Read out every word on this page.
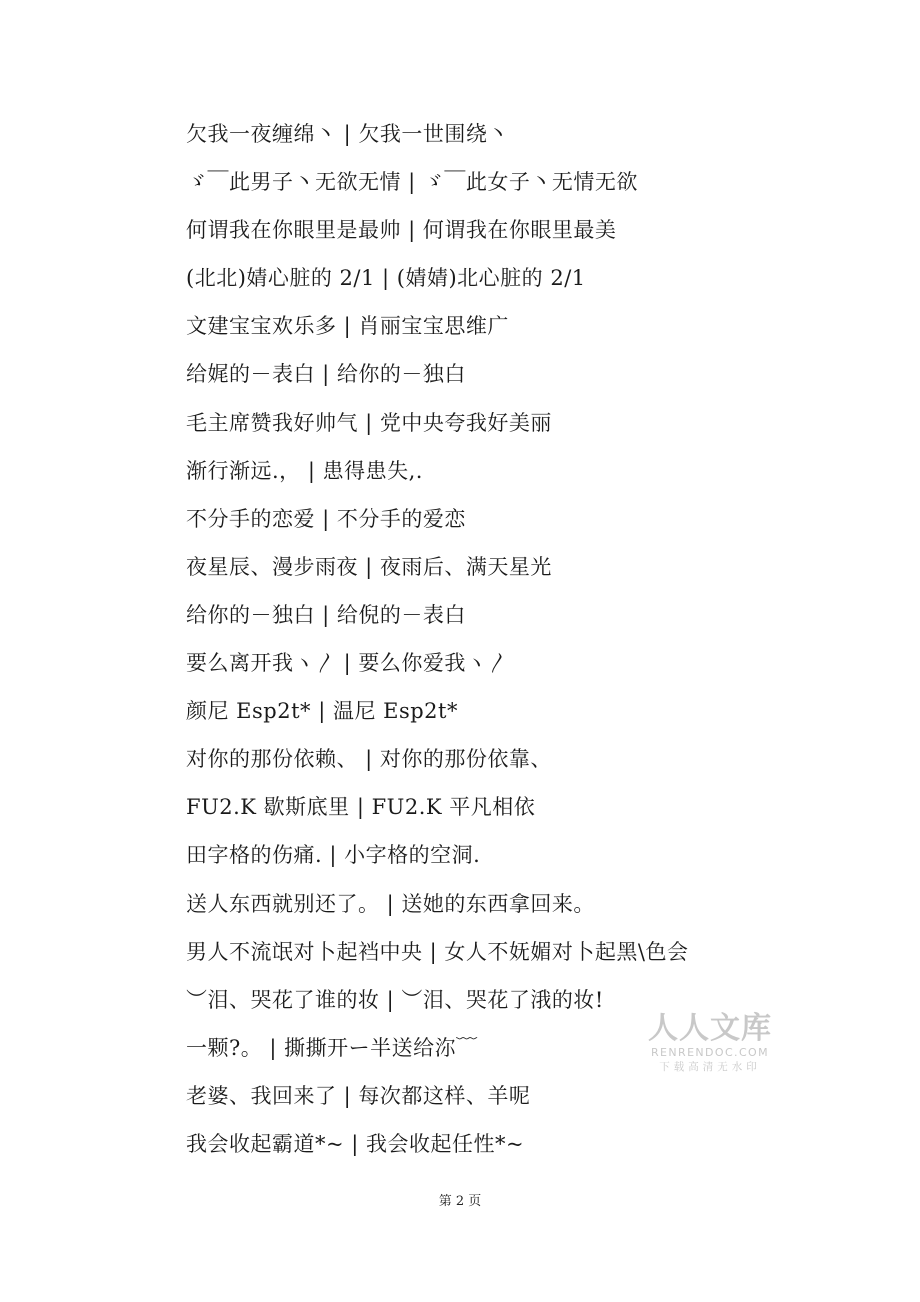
欠我一夜缠绵丶 | 欠我一世围绕丶
ゞ￣此男子丶无欲无情 | ゞ￣此女子丶无情无欲
何谓我在你眼里是最帅 | 何谓我在你眼里最美
(北北)婧心脏的 2/1 | (婧婧)北心脏的 2/1
文建宝宝欢乐多 | 肖丽宝宝思维广
给娓的－表白 | 给你的－独白
毛主席赞我好帅气 | 党中央夸我好美丽
渐行渐远.， | 患得患失,.
不分手的恋爱 | 不分手的爱恋
夜星辰、漫步雨夜 | 夜雨后、满天星光
给你的－独白 | 给倪的－表白
要么离开我ヽ〳 | 要么你爱我ヽ〳
颜尼 Esp2t* | 温尼 Esp2t*
对你的那份依赖、 | 对你的那份依靠、
FU2.K 歇斯底里 | FU2.K 平凡相依
田字格的伤痛. | 小字格的空洞.
送人东西就别还了。 | 送她的东西拿回来。
男人不流氓对卜起裆中央 | 女人不妩媚对卜起黑\色会
︶泪、哭花了谁的妆 | ︶泪、哭花了涐的妆!
一颗?。 | 撕撕开ー半送给沵﹋
老婆、我回来了 | 每次都这样、羊呢
我会收起霸道*~ | 我会收起任性*~
人人文库
RENRENDOC.COM
下载高清无水印
第 2 页
